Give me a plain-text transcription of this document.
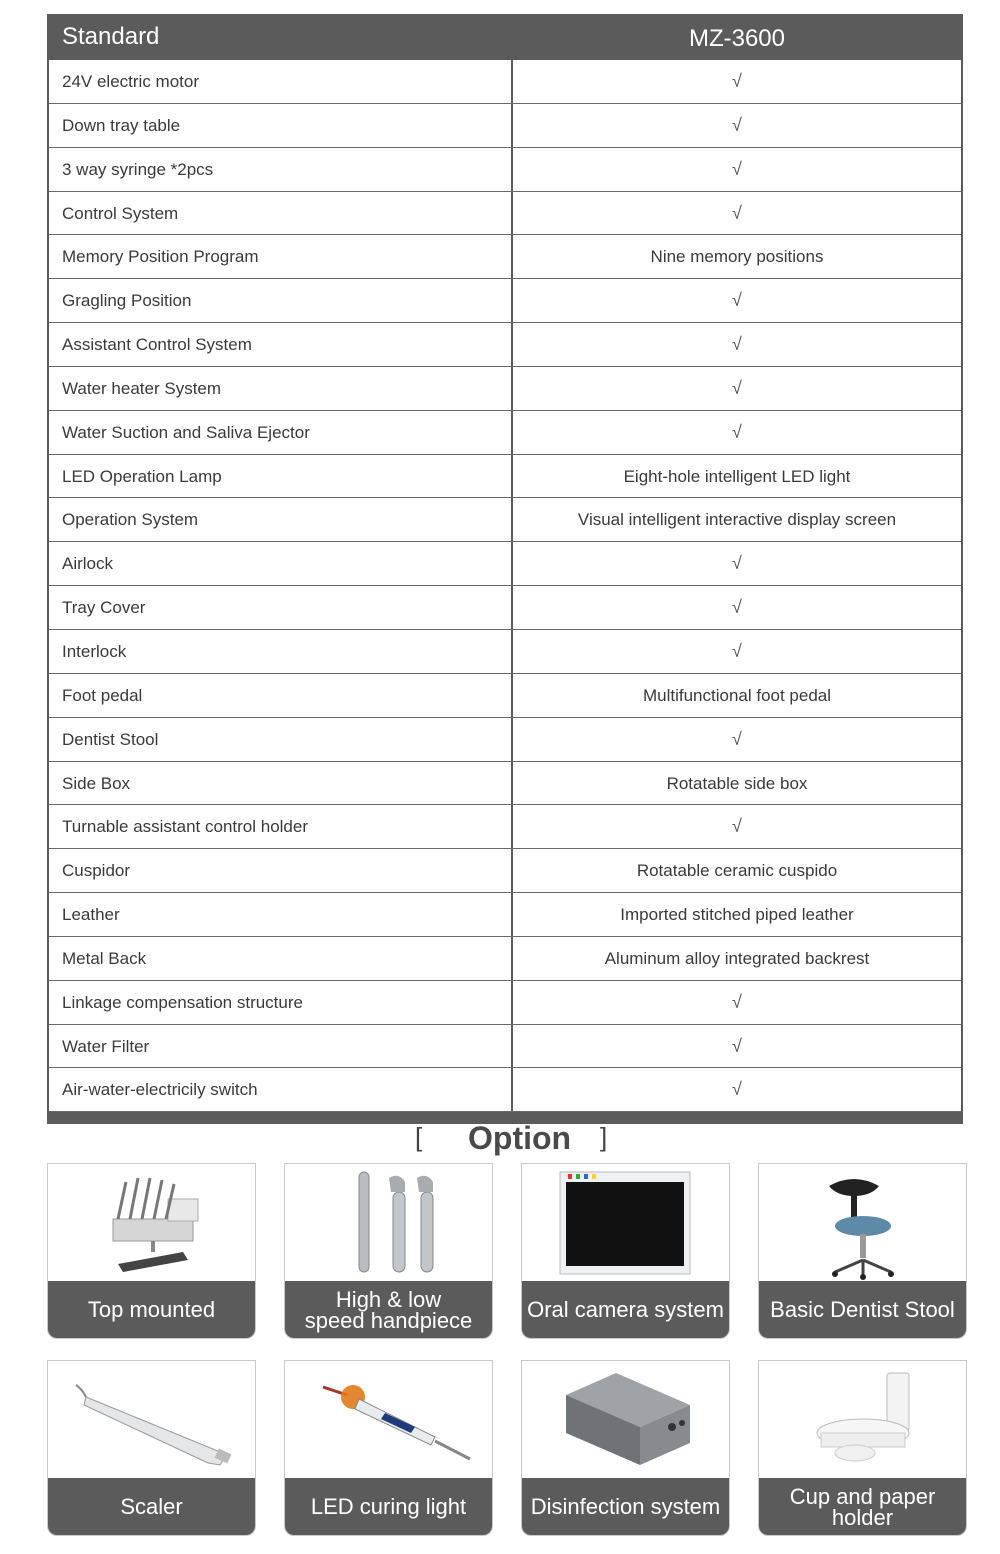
Standard	MZ-3600
24V electric motor	√
Down tray table	√
3 way syringe *2pcs	√
Control System	√
Memory Position Program	Nine memory positions
Gragling Position	√
Assistant Control System	√
Water heater System	√
Water Suction and Saliva Ejector	√
LED Operation Lamp	Eight-hole intelligent LED light
Operation System	Visual intelligent interactive display screen
Airlock	√
Tray Cover	√
Interlock	√
Foot pedal	Multifunctional foot pedal
Dentist Stool	√
Side Box	Rotatable side box
Turnable assistant control holder	√
Cuspidor	Rotatable ceramic cuspido
Leather	Imported stitched piped leather
Metal Back	Aluminum alloy integrated backrest
Linkage compensation structure	√
Water Filter	√
Air-water-electricily switch	√
[ Option ]
Top mounted	High & low
speed handpiece Oral camera system Basic Dentist Stool
Scaler	LED curing light	Disinfection system	Cup and paper
holder
